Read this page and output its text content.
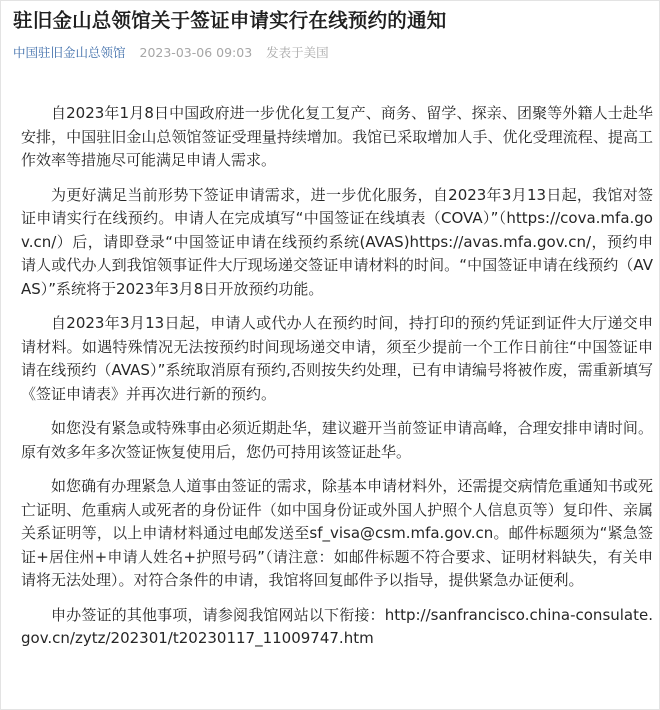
驻旧金山总领馆关于签证申请实行在线预约的通知
中国驻旧金山总领馆 2023-03-06 09:03 发表于美国

自2023年1月8日中国政府进一步优化复工复产、商务、留学、探亲、团聚等外籍人士赴华安排，中国驻旧金山总领馆签证受理量持续增加。我馆已采取增加人手、优化受理流程、提高工作效率等措施尽可能满足申请人需求。

为更好满足当前形势下签证申请需求，进一步优化服务，自2023年3月13日起，我馆对签证申请实行在线预约。申请人在完成填写“中国签证在线填表（COVA）”（https://cova.mfa.gov.cn/）后，请即登录“中国签证申请在线预约系统(AVAS)https://avas.mfa.gov.cn/，预约申请人或代办人到我馆领事证件大厅现场递交签证申请材料的时间。“中国签证申请在线预约（AVAS）”系统将于2023年3月8日开放预约功能。

自2023年3月13日起，申请人或代办人在预约时间，持打印的预约凭证到证件大厅递交申请材料。如遇特殊情况无法按预约时间现场递交申请，须至少提前一个工作日前往“中国签证申请在线预约（AVAS）”系统取消原有预约,否则按失约处理，已有申请编号将被作废，需重新填写《签证申请表》并再次进行新的预约。

如您没有紧急或特殊事由必须近期赴华，建议避开当前签证申请高峰，合理安排申请时间。原有效多年多次签证恢复使用后，您仍可持用该签证赴华。

如您确有办理紧急人道事由签证的需求，除基本申请材料外，还需提交病情危重通知书或死亡证明、危重病人或死者的身份证件（如中国身份证或外国人护照个人信息页等）复印件、亲属关系证明等，以上申请材料通过电邮发送至sf_visa@csm.mfa.gov.cn。邮件标题须为“紧急签证+居住州+申请人姓名+护照号码”（请注意：如邮件标题不符合要求、证明材料缺失，有关申请将无法处理）。对符合条件的申请，我馆将回复邮件予以指导，提供紧急办证便利。

申办签证的其他事项，请参阅我馆网站以下衔接：http://sanfrancisco.china-consulate.gov.cn/zytz/202301/t20230117_11009747.htm
